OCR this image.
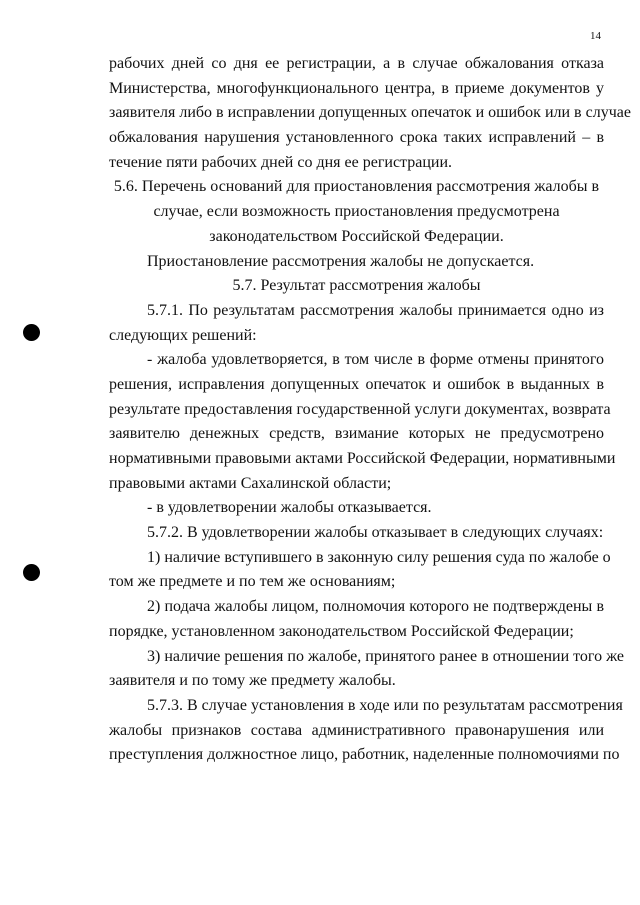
14
рабочих дней со дня ее регистрации, а в случае обжалования отказа
Министерства, многофункционального центра, в приеме документов у
заявителя либо в исправлении допущенных опечаток и ошибок или в случае
обжалования нарушения установленного срока таких исправлений – в
течение пяти рабочих дней со дня ее регистрации.
5.6. Перечень оснований для приостановления рассмотрения жалобы в
случае, если возможность приостановления предусмотрена
законодательством Российской Федерации.
Приостановление рассмотрения жалобы не допускается.
5.7. Результат рассмотрения жалобы
5.7.1. По результатам рассмотрения жалобы принимается одно из
следующих решений:
- жалоба удовлетворяется, в том числе в форме отмены принятого
решения, исправления допущенных опечаток и ошибок в выданных в
результате предоставления государственной услуги документах, возврата
заявителю денежных средств, взимание которых не предусмотрено
нормативными правовыми актами Российской Федерации, нормативными
правовыми актами Сахалинской области;
- в удовлетворении жалобы отказывается.
5.7.2. В удовлетворении жалобы отказывает в следующих случаях:
1) наличие вступившего в законную силу решения суда по жалобе о
том же предмете и по тем же основаниям;
2) подача жалобы лицом, полномочия которого не подтверждены в
порядке, установленном законодательством Российской Федерации;
3) наличие решения по жалобе, принятого ранее в отношении того же
заявителя и по тому же предмету жалобы.
5.7.3. В случае установления в ходе или по результатам рассмотрения
жалобы признаков состава административного правонарушения или
преступления должностное лицо, работник, наделенные полномочиями по
